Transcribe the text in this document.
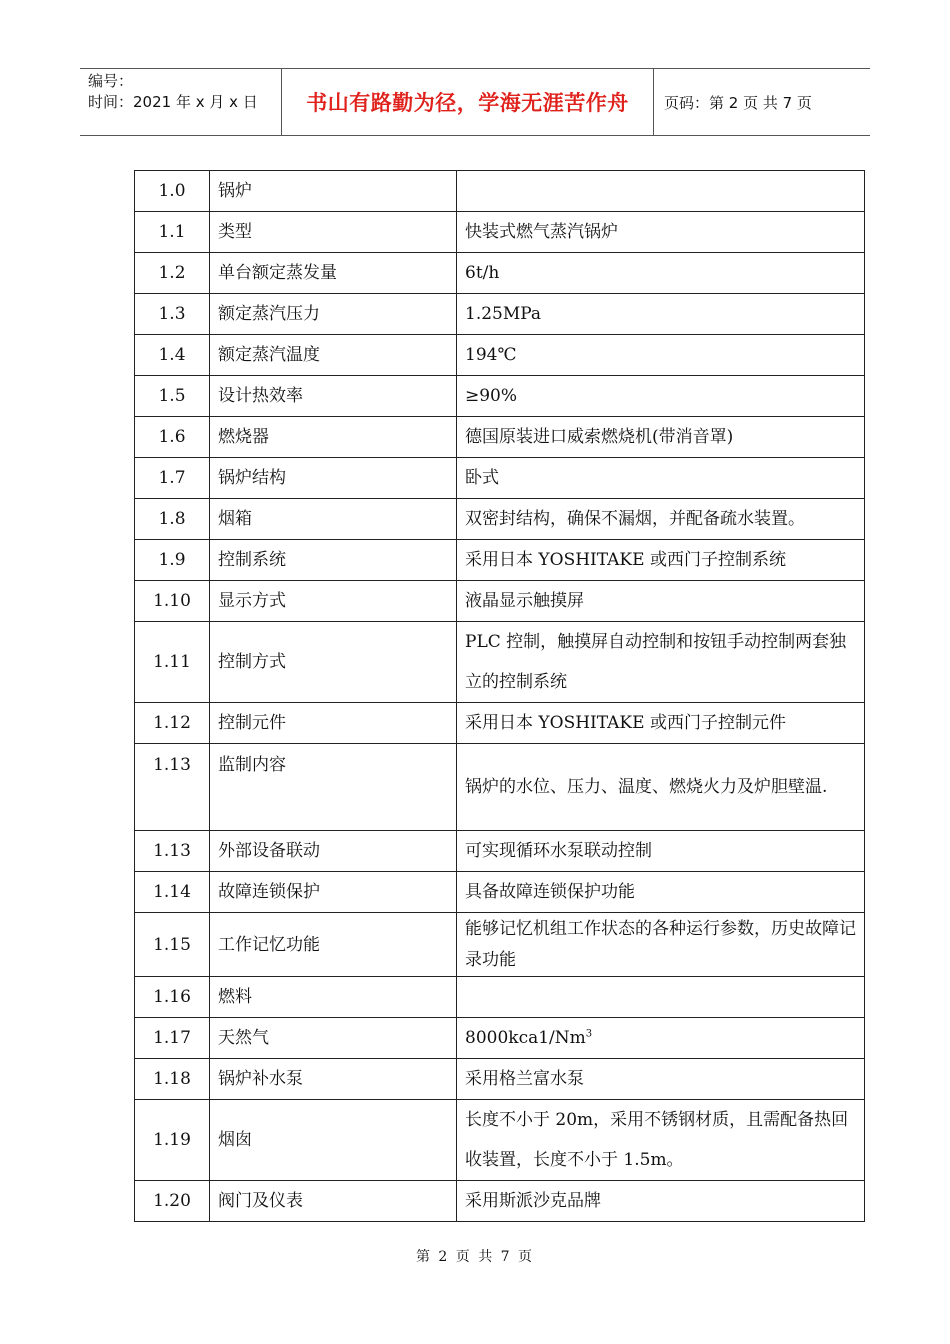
编号：
时间：2021 年 x 月 x 日	书山有路勤为径，学海无涯苦作舟 页码：第 2 页 共 7 页
1.0	锅炉	
1.1	类型	快装式燃气蒸汽锅炉
1.2	单台额定蒸发量	6t/h
1.3	额定蒸汽压力	1.25MPa
1.4	额定蒸汽温度	194℃
1.5	设计热效率	≥90%
1.6	燃烧器	德国原装进口威索燃烧机(带消音罩)
1.7	锅炉结构	卧式
1.8	烟箱	双密封结构，确保不漏烟，并配备疏水装置。
1.9	控制系统	采用日本 YOSHITAKE 或西门子控制系统
1.10	显示方式	液晶显示触摸屏
1.11	控制方式	PLC 控制，触摸屏自动控制和按钮手动控制两套独立的控制系统
1.12	控制元件	采用日本 YOSHITAKE 或西门子控制元件
1.13	监制内容	锅炉的水位、压力、温度、燃烧火力及炉胆壁温.
1.13	外部设备联动	可实现循环水泵联动控制
1.14	故障连锁保护	具备故障连锁保护功能
1.15	工作记忆功能	能够记忆机组工作状态的各种运行参数，历史故障记录功能
1.16	燃料	
1.17	天然气	8000kca1/Nm$^3$
1.18	锅炉补水泵	采用格兰富水泵
1.19	烟囱	长度不小于 20m，采用不锈钢材质，且需配备热回收装置，长度不小于 1.5m。
1.20	阀门及仪表	采用斯派沙克品牌
第 2 页 共 7 页
